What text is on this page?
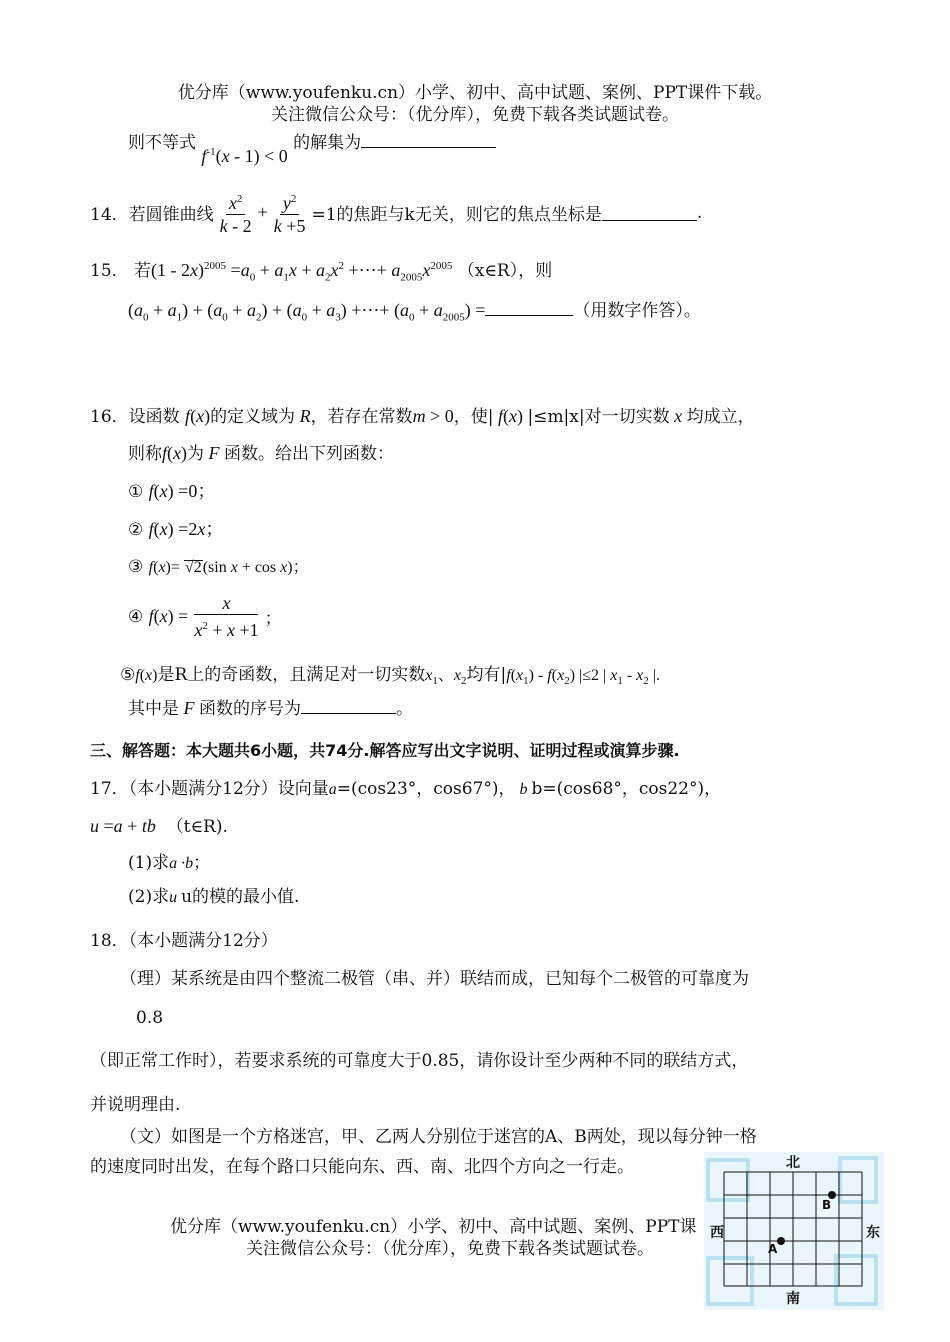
优分库（www.youfenku.cn）小学、初中、高中试题、案例、PPT课件下载。
关注微信公众号：（优分库），免费下载各类试题试卷。
则不等式 $f^{-1}(x - 1) < 0$ 的解集为
14． 若圆锥曲线 $\frac{x^2}{k - 2} + \frac{y^2}{k +5} =1$的焦距与k无关，则它的焦点坐标是	.
15． 若$(1 - 2x)^{2005} =a_0 + a_1x + a_2x^2$ +⋯+ $a_{2005}x^{2005}$ （x∈R），则
$(a_0 + a_1) + (a_0 + a_2) + (a_0 + a_3)$ +⋯+ $(a_0 + a_{2005})$ =	（用数字作答）。
16．设函数 f(x)的定义域为 R，若存在常数m > 0，使| f(x) |≤m|x|对一切实数 x 均成立，
则称f(x)为 F 函数。给出下列函数：
① f(x) =0；
② f(x) =2x；
③ f(x)= √2(sin x + cos x)；
④
$f(x) = \frac{x}{x^2 + x +1}$ ；
⑤f(x)是R上的奇函数，且满足对一切实数$x_1$、$x_2$均有$|f(x_1) - f(x_2)$ |≤2 | $x_1 - x_2$ |.
其中是 F 函数的序号为	。
三、解答题：本大题共6小题，共74分.解答应写出文字说明、证明过程或演算步骤.
17．（本小题满分12分）设向量a=(cos23°，cos67°)， b b=(cos68°，cos22°)，
u =a + tb （t∈R).
(1)求a ·b；
(2)求u u的模的最小值.
18．（本小题满分12分）
（理）某系统是由四个整流二极管（串、并）联结而成，已知每个二极管的可靠度为
0.8
（即正常工作时），若要求系统的可靠度大于0.85，请你设计至少两种不同的联结方式，
并说明理由.
（文）如图是一个方格迷宫，甲、乙两人分别位于迷宫的A、B两处，现以每分钟一格
的速度同时出发，在每个路口只能向东、西、南、北四个方向之一行走。	北
南
东
西
A
B
优分库（www.youfenku.cn）小学、初中、高中试题、案例、PPT课
关注微信公众号：（优分库），免费下载各类试题试卷。
